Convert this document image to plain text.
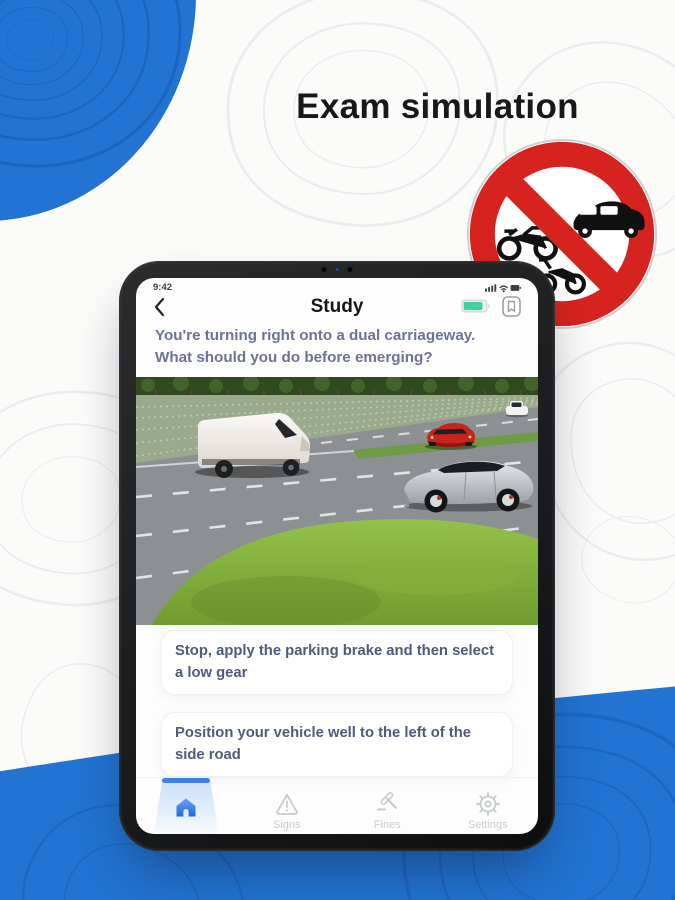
Exam simulation
9:42
Study
You're turning right onto a dual carriageway.
What should you do before emerging?
Stop, apply the parking brake and then select a low gear
Position your vehicle well to the left of the side road
Signs	Fines	Settings
